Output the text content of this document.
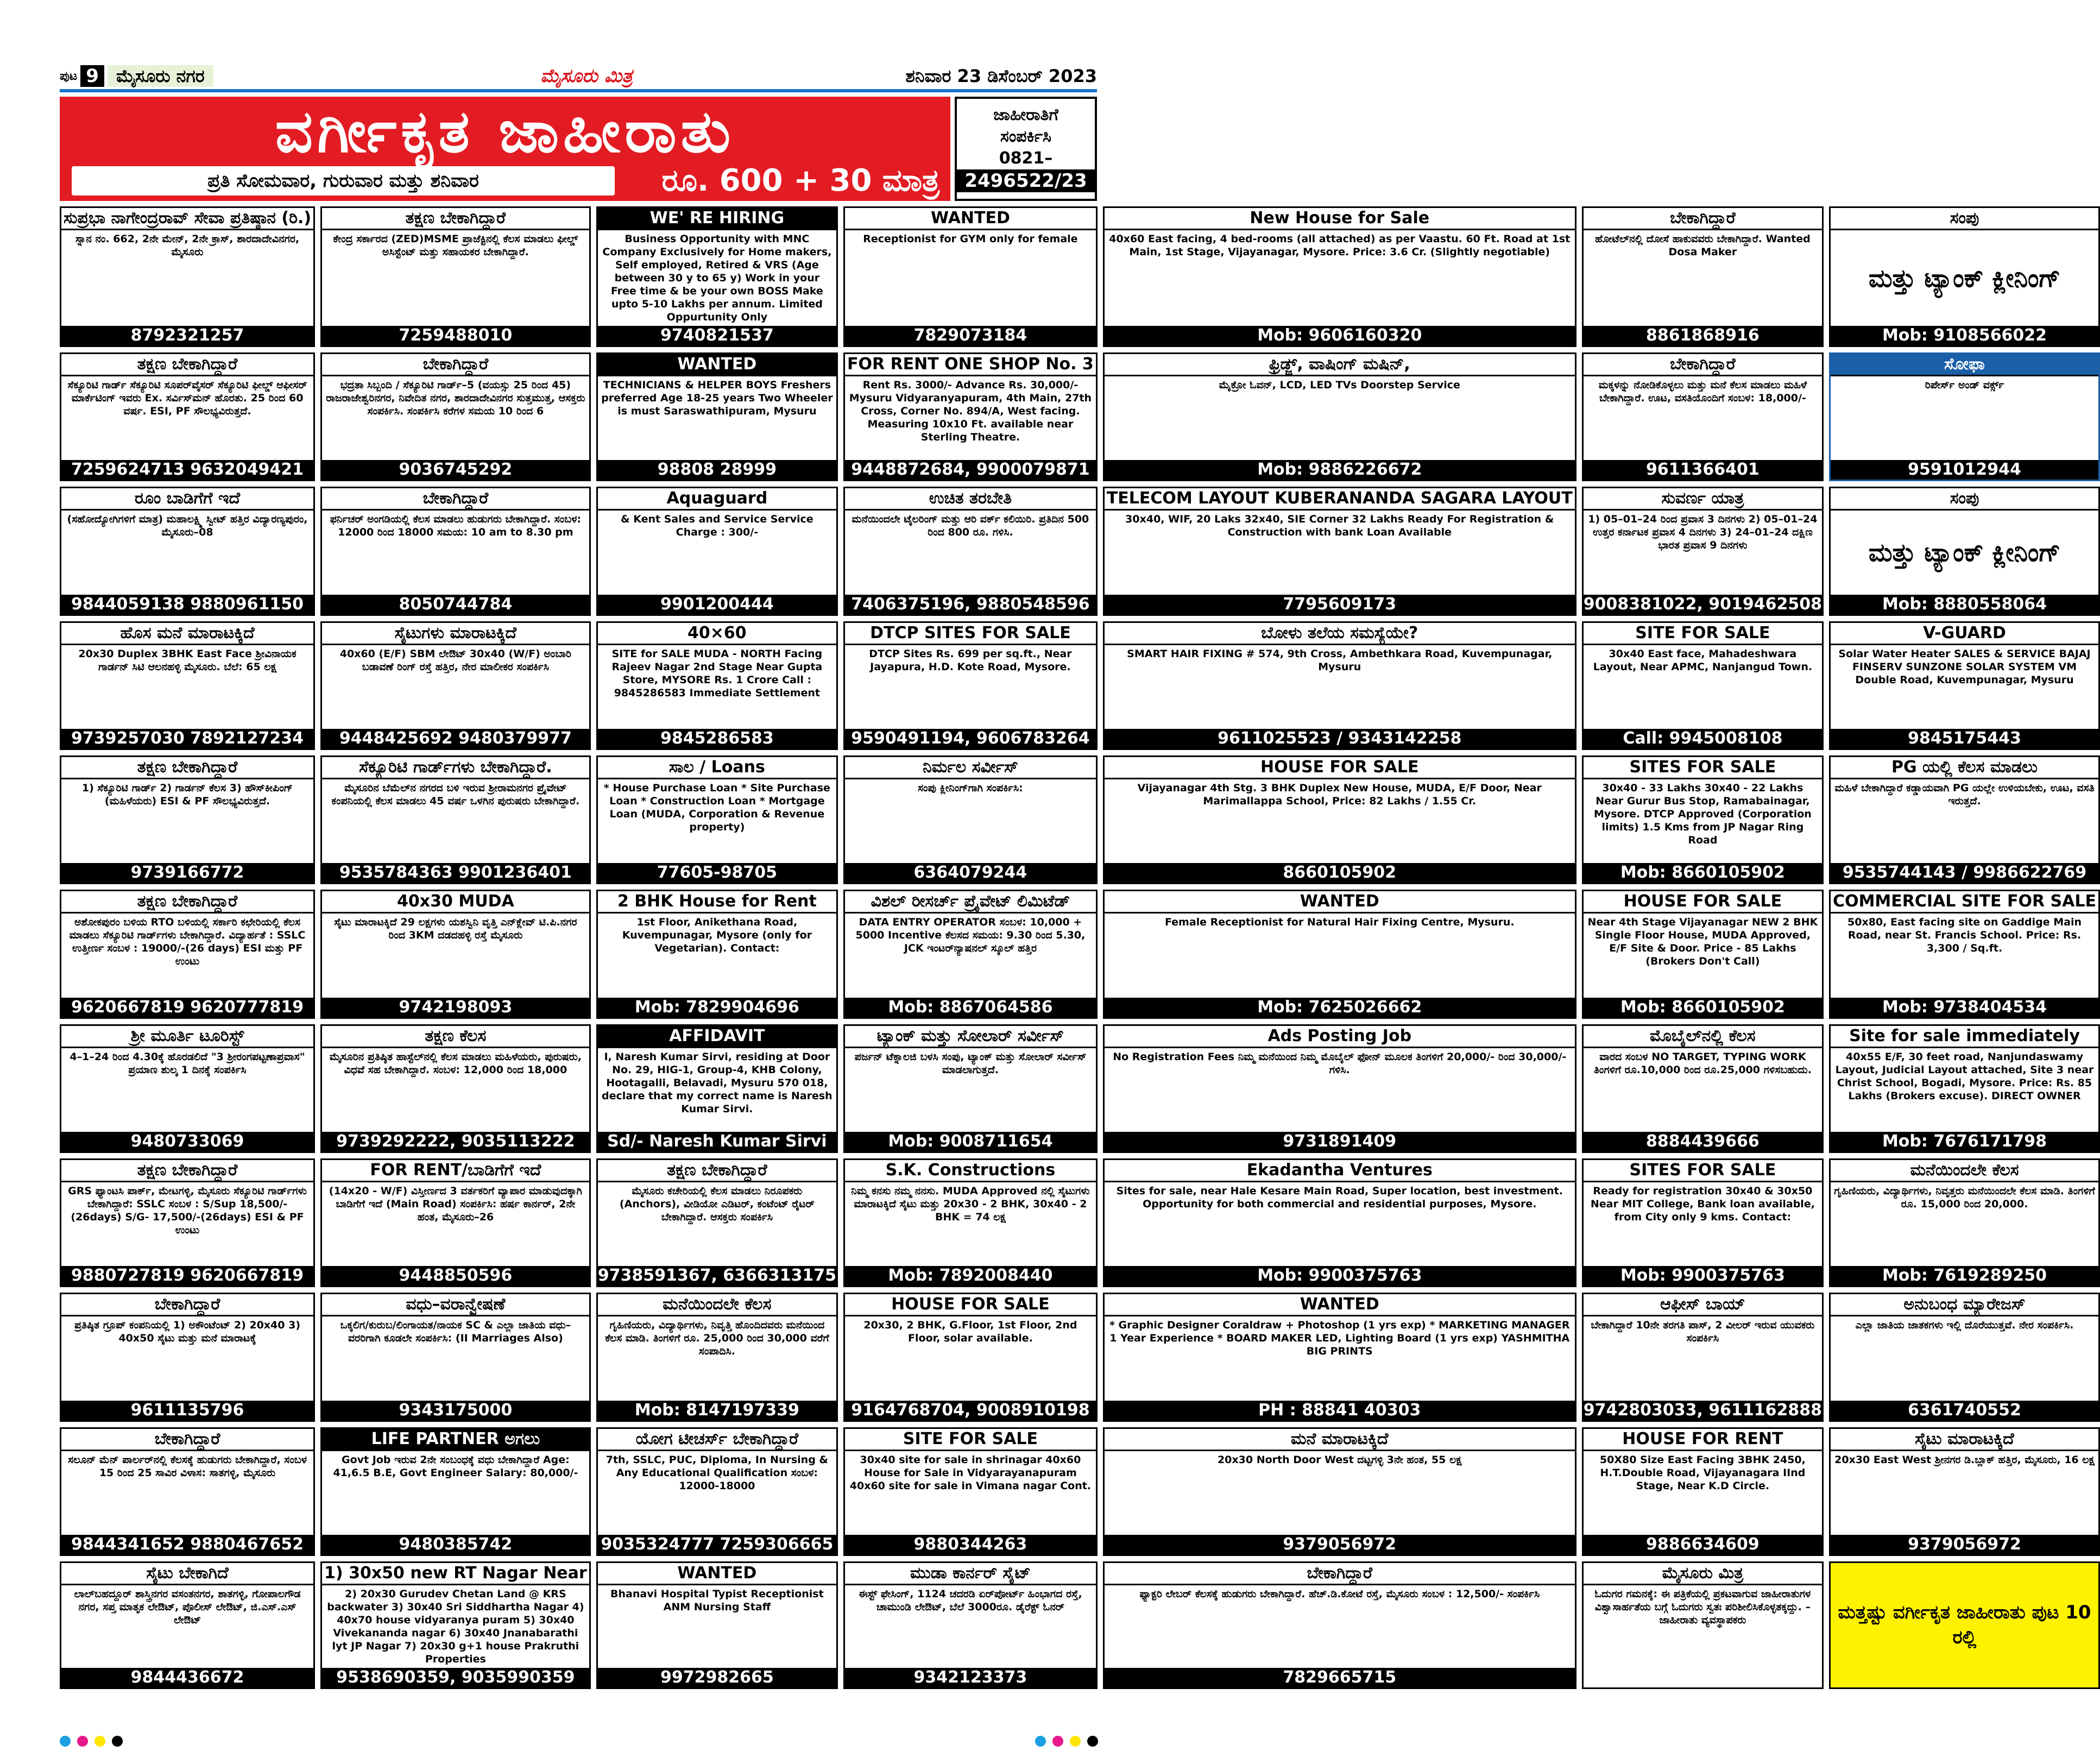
ಪುಟ 9	ಮೈಸೂರು ನಗರ	ಮೈಸೂರು ಮಿತ್ರ	ಶನಿವಾರ 23 ಡಿಸೆಂಬರ್ 2023
ವರ್ಗೀಕೃತ ಜಾಹೀರಾತು
ಪ್ರತಿ ಸೋಮವಾರ, ಗುರುವಾರ ಮತ್ತು ಶನಿವಾರ	ರೂ. 600 + 30 ಮಾತ್ರ
ಜಾಹೀರಾತಿಗೆ
ಸಂಪರ್ಕಿಸಿ
0821–
2496522/23
ಸುಪ್ರಭಾ ನಾಗೇಂದ್ರರಾವ್ ಸೇವಾ ಪ್ರತಿಷ್ಠಾನ (ರಿ.)
ಸ್ನಾನ ನಂ. 662, 2ನೇ ಮೇನ್, 2ನೇ ಕ್ರಾಸ್, ಶಾರದಾದೇವಿನಗರ, ಮೈಸೂರು
8792321257
ತಕ್ಷಣ ಬೇಕಾಗಿದ್ದಾರೆ
ಕೇಂದ್ರ ಸರ್ಕಾರದ (ZED)MSME ಪ್ರಾಜೆಕ್ಟಿನಲ್ಲಿ ಕೆಲಸ ಮಾಡಲು ಫೀಲ್ಡ್ ಅಸಿಸ್ಟೆಂಟ್ ಮತ್ತು ಸಹಾಯಕರ ಬೇಕಾಗಿದ್ದಾರೆ.
7259488010
WE' RE HIRING
Business Opportunity with MNC Company Exclusively for Home makers, Self employed, Retired & VRS (Age between 30 y to 65 y) Work in your Free time & be your own BOSS Make upto 5-10 Lakhs per annum. Limited Oppurtunity Only
9740821537
WANTED
Receptionist for GYM only for female
7829073184
New House for Sale
40x60 East facing, 4 bed-rooms (all attached) as per Vaastu. 60 Ft. Road at 1st Main, 1st Stage, Vijayanagar, Mysore. Price: 3.6 Cr. (Slightly negotiable)
Mob: 9606160320
ಬೇಕಾಗಿದ್ದಾರೆ
ಹೋಟೆಲ್‌ನಲ್ಲಿ ದೋಸೆ ಹಾಕುವವರು ಬೇಕಾಗಿದ್ದಾರೆ. Wanted Dosa Maker
8861868916
ಸಂಪು
ಮತ್ತು ಟ್ಯಾಂಕ್ ಕ್ಲೀನಿಂಗ್
Mob: 9108566022
ತಕ್ಷಣ ಬೇಕಾಗಿದ್ದಾರೆ
ಸೆಕ್ಯೂರಿಟಿ ಗಾರ್ಡ್ ಸೆಕ್ಯೂರಿಟಿ ಸೂಪರ್‌ವೈಸರ್ ಸೆಕ್ಯೂರಿಟಿ ಫೀಲ್ಡ್ ಆಫೀಸರ್ ಮಾರ್ಕೆಟಿಂಗ್ ಇವರು Ex. ಸರ್ವಿಸ್‌ಮನ್ ಹೊರತು. 25 ರಿಂದ 60 ವರ್ಷ. ESI, PF ಸೌಲಭ್ಯವಿರುತ್ತದೆ.
7259624713 9632049421
ಬೇಕಾಗಿದ್ದಾರೆ
ಭದ್ರತಾ ಸಿಬ್ಬಂದಿ / ಸೆಕ್ಯೂರಿಟಿ ಗಾರ್ಡ್–5 (ವಯಸ್ಸು 25 ರಿಂದ 45) ರಾಜರಾಜೇಶ್ವರಿನಗರ, ನಿವೇದಿತ ನಗರ, ಶಾರದಾದೇವಿನಗರ ಸುತ್ತಮುತ್ತ, ಆಸಕ್ತರು ಸಂಪರ್ಕಿಸಿ. ಸಂಪರ್ಕಿಸಿ ಕರೆಗಳ ಸಮಯ 10 ರಿಂದ 6
9036745292
WANTED
TECHNICIANS & HELPER BOYS Freshers preferred Age 18-25 years Two Wheeler is must Saraswathipuram, Mysuru
98808 28999
FOR RENT ONE SHOP No. 3
Rent Rs. 3000/- Advance Rs. 30,000/- Mysuru Vidyaranyapuram, 4th Main, 27th Cross, Corner No. 894/A, West facing. Measuring 10x10 Ft. available near Sterling Theatre.
9448872684, 9900079871
ಫ್ರಿಡ್ಜ್, ವಾಷಿಂಗ್ ಮಷಿನ್,
ಮೈಕ್ರೋ ಓವನ್, LCD, LED TVs Doorstep Service
Mob: 9886226672
ಬೇಕಾಗಿದ್ದಾರೆ
ಮಕ್ಕಳನ್ನು ನೋಡಿಕೊಳ್ಳಲು ಮತ್ತು ಮನೆ ಕೆಲಸ ಮಾಡಲು ಮಹಿಳೆ ಬೇಕಾಗಿದ್ದಾರೆ. ಊಟ, ವಸತಿಯೊಂದಿಗೆ ಸಂಬಳ: 18,000/-
9611366401
ಸೋಫಾ
ರಿಪೇರ್ಸ್ ಅಂಡ್ ವರ್ಕ್ಸ್
9591012944
ರೂಂ ಬಾಡಿಗೆಗೆ ಇದೆ
(ಸಹೋದ್ಯೋಗಿಗಳಿಗೆ ಮಾತ್ರ) ಮಹಾಲಕ್ಷ್ಮಿ ಸ್ವೀಟ್ ಹತ್ತಿರ ವಿದ್ಯಾರಣ್ಯಪುರಂ, ಮೈಸೂರು–08
9844059138 9880961150
ಬೇಕಾಗಿದ್ದಾರೆ
ಫರ್ನಿಚರ್ ಅಂಗಡಿಯಲ್ಲಿ ಕೆಲಸ ಮಾಡಲು ಹುಡುಗರು ಬೇಕಾಗಿದ್ದಾರೆ. ಸಂಬಳ: 12000 ರಿಂದ 18000 ಸಮಯ: 10 am to 8.30 pm
8050744784
Aquaguard
& Kent Sales and Service Service Charge : 300/-
9901200444
ಉಚಿತ ತರಬೇತಿ
ಮನೆಯಿಂದಲೇ ಟೈಲರಿಂಗ್ ಮತ್ತು ಆರಿ ವರ್ಕ್ ಕಲಿಯಿರಿ. ಪ್ರತಿದಿನ 500 ರಿಂದ 800 ರೂ. ಗಳಿಸಿ.
7406375196, 9880548596
TELECOM LAYOUT KUBERANANDA SAGARA LAYOUT
30x40, WIF, 20 Laks 32x40, SIE Corner 32 Lakhs Ready For Registration & Construction with bank Loan Available
7795609173
ಸುವರ್ಣ ಯಾತ್ರ
1) 05–01–24 ರಿಂದ ಪ್ರವಾಸ 3 ದಿನಗಳು 2) 05–01–24 ಉತ್ತರ ಕರ್ನಾಟಕ ಪ್ರವಾಸ 4 ದಿನಗಳು 3) 24–01–24 ದಕ್ಷಿಣ ಭಾರತ ಪ್ರವಾಸ 9 ದಿನಗಳು
9008381022, 9019462508
ಸಂಪು
ಮತ್ತು ಟ್ಯಾಂಕ್ ಕ್ಲೀನಿಂಗ್
Mob: 8880558064
ಹೊಸ ಮನೆ ಮಾರಾಟಕ್ಕಿದೆ
20x30 Duplex 3BHK East Face ಶ್ರೀವಿನಾಯಕ ಗಾರ್ಡನ್ ಸಿಟಿ ಆಲನಹಳ್ಳಿ ಮೈಸೂರು. ಬೆಲೆ: 65 ಲಕ್ಷ
9739257030 7892127234
ಸೈಟುಗಳು ಮಾರಾಟಕ್ಕಿದೆ
40x60 (E/F) SBM ಲೇಔಟ್ 30x40 (W/F) ಅಂಬಾರಿ ಬಡಾವಣೆ ರಿಂಗ್ ರಸ್ತೆ ಹತ್ತಿರ, ನೇರ ಮಾಲೀಕರ ಸಂಪರ್ಕಿಸಿ
9448425692 9480379977
40×60
SITE for SALE MUDA - NORTH Facing Rajeev Nagar 2nd Stage Near Gupta Store, MYSORE Rs. 1 Crore Call : 9845286583 Immediate Settlement
9845286583
DTCP SITES FOR SALE
DTCP Sites Rs. 699 per sq.ft., Near Jayapura, H.D. Kote Road, Mysore.
9590491194, 9606783264
ಬೋಳು ತಲೆಯ ಸಮಸ್ಯೆಯೇ?
SMART HAIR FIXING # 574, 9th Cross, Ambethkara Road, Kuvempunagar, Mysuru
9611025523 / 9343142258
SITE FOR SALE
30x40 East face, Mahadeshwara Layout, Near APMC, Nanjangud Town.
Call: 9945008108
V-GUARD
Solar Water Heater SALES & SERVICE BAJAJ FINSERV SUNZONE SOLAR SYSTEM VM Double Road, Kuvempunagar, Mysuru
9845175443
ತಕ್ಷಣ ಬೇಕಾಗಿದ್ದಾರೆ
1) ಸೆಕ್ಯೂರಿಟಿ ಗಾರ್ಡ್ 2) ಗಾರ್ಡನ್ ಕೆಲಸ 3) ಹೌಸ್‌ಕೀಪಿಂಗ್ (ಮಹಿಳೆಯರು) ESI & PF ಸೌಲಭ್ಯವಿರುತ್ತದೆ.
9739166772
ಸೆಕ್ಯೂರಿಟಿ ಗಾರ್ಡ್‌ಗಳು ಬೇಕಾಗಿದ್ದಾರೆ.
ಮೈಸೂರಿನ ಬೆಮೆಲ್‌ನ ನಗರದ ಬಳಿ ಇರುವ ಶ್ರೀರಾಮನಗರ ಪ್ರೈವೇಟ್ ಕಂಪನಿಯಲ್ಲಿ ಕೆಲಸ ಮಾಡಲು 45 ವರ್ಷ ಒಳಗಿನ ಪುರುಷರು ಬೇಕಾಗಿದ್ದಾರೆ.
9535784363 9901236401
ಸಾಲ / Loans
* House Purchase Loan * Site Purchase Loan * Construction Loan * Mortgage Loan (MUDA, Corporation & Revenue property)
77605-98705
ನಿರ್ಮಲ ಸರ್ವೀಸ್
ಸಂಪು ಕ್ಲೀನಿಂಗ್‌ಗಾಗಿ ಸಂಪರ್ಕಿಸಿ:
6364079244
HOUSE FOR SALE
Vijayanagar 4th Stg. 3 BHK Duplex New House, MUDA, E/F Door, Near Marimallappa School, Price: 82 Lakhs / 1.55 Cr.
8660105902
SITES FOR SALE
30x40 - 33 Lakhs 30x40 - 22 Lakhs Near Gurur Bus Stop, Ramabainagar, Mysore. DTCP Approved (Corporation limits) 1.5 Kms from JP Nagar Ring Road
Mob: 8660105902
PG ಯಲ್ಲಿ ಕೆಲಸ ಮಾಡಲು
ಮಹಿಳೆ ಬೇಕಾಗಿದ್ದಾರೆ ಕಡ್ಡಾಯವಾಗಿ PG ಯಲ್ಲೇ ಉಳಿಯಬೇಕು, ಊಟ, ವಸತಿ ಇರುತ್ತದೆ.
9535744143 / 9986622769
ತಕ್ಷಣ ಬೇಕಾಗಿದ್ದಾರೆ
ಅಶೋಕಪುರಂ ಬಳಿಯ RTO ಬಳಿಯಲ್ಲಿ ಸರ್ಕಾರಿ ಕಛೇರಿಯಲ್ಲಿ ಕೆಲಸ ಮಾಡಲು ಸೆಕ್ಯೂರಿಟಿ ಗಾರ್ಡ್‌ಗಳು ಬೇಕಾಗಿದ್ದಾರೆ. ವಿದ್ಯಾರ್ಹತೆ : SSLC ಉತ್ತೀರ್ಣ ಸಂಬಳ : 19000/-(26 days) ESI ಮತ್ತು PF ಉಂಟು
9620667819 9620777819
40x30 MUDA
ಸೈಟು ಮಾರಾಟಕ್ಕಿದೆ 29 ಲಕ್ಷಗಳು ಯಶಸ್ವಿನಿ ವೃತ್ತಿ ಎನ್‌ಕ್ಲೇವ್ ಟಿ.ಪಿ.ನಗರ ರಿಂದ 3KM ದಡದಹಳ್ಳಿ ರಸ್ತೆ ಮೈಸೂರು
9742198093
2 BHK House for Rent
1st Floor, Anikethana Road, Kuvempunagar, Mysore (only for Vegetarian). Contact:
Mob: 7829904696
ವಿಶಲ್ ರೀಸರ್ಚ್ ಪ್ರೈವೇಟ್ ಲಿಮಿಟೆಡ್
DATA ENTRY OPERATOR ಸಂಬಳ: 10,000 + 5000 Incentive ಕೆಲಸದ ಸಮಯ: 9.30 ರಿಂದ 5.30, JCK ಇಂಟರ್‌ನ್ಯಾಷನಲ್ ಸ್ಕೂಲ್ ಹತ್ತಿರ
Mob: 8867064586
WANTED
Female Receptionist for Natural Hair Fixing Centre, Mysuru.
Mob: 7625026662
HOUSE FOR SALE
Near 4th Stage Vijayanagar NEW 2 BHK Single Floor House, MUDA Approved, E/F Site & Door. Price - 85 Lakhs (Brokers Don't Call)
Mob: 8660105902
COMMERCIAL SITE FOR SALE
50x80, East facing site on Gaddige Main Road, near St. Francis School. Price: Rs. 3,300 / Sq.ft.
Mob: 9738404534
ಶ್ರೀ ಮೂರ್ತಿ ಟೂರಿಸ್ಟ್
4–1–24 ರಿಂದ 4.30ಕ್ಕೆ ಹೊರಡಲಿದೆ "3 ಶ್ರೀರಂಗಪಟ್ಟಣಾಪ್ರವಾಸ" ಪ್ರಯಾಣ ಶುಲ್ಕ 1 ದಿನಕ್ಕೆ ಸಂಪರ್ಕಿಸಿ
9480733069
ತಕ್ಷಣ ಕೆಲಸ
ಮೈಸೂರಿನ ಪ್ರತಿಷ್ಠಿತ ಹಾಸ್ಟೆಲ್‌ನಲ್ಲಿ ಕೆಲಸ ಮಾಡಲು ಮಹಿಳೆಯರು, ಪುರುಷರು, ವಿಧವೆ ಸಹ ಬೇಕಾಗಿದ್ದಾರೆ. ಸಂಬಳ: 12,000 ರಿಂದ 18,000
9739292222, 9035113222
AFFIDAVIT
I, Naresh Kumar Sirvi, residing at Door No. 29, HIG-1, Group-4, KHB Colony, Hootagalli, Belavadi, Mysuru 570 018, declare that my correct name is Naresh Kumar Sirvi.
Sd/- Naresh Kumar Sirvi
ಟ್ಯಾಂಕ್ ಮತ್ತು ಸೋಲಾರ್ ಸರ್ವೀಸ್
ಪರ್ಜನ್ ಟೆಕ್ನಾಲಜಿ ಬಳಸಿ ಸಂಪು, ಟ್ಯಾಂಕ್ ಮತ್ತು ಸೋಲಾರ್ ಸರ್ವೀಸ್ ಮಾಡಲಾಗುತ್ತದೆ.
Mob: 9008711654
Ads Posting Job
No Registration Fees ನಿಮ್ಮ ಮನೆಯಿಂದ ನಿಮ್ಮ ಮೊಬೈಲ್ ಫೋನ್ ಮೂಲಕ ತಿಂಗಳಿಗೆ 20,000/- ರಿಂದ 30,000/- ಗಳಿಸಿ.
9731891409
ಮೊಬೈಲ್‌ನಲ್ಲಿ ಕೆಲಸ
ವಾರದ ಸಂಬಳ NO TARGET, TYPING WORK ತಿಂಗಳಿಗೆ ರೂ.10,000 ರಿಂದ ರೂ.25,000 ಗಳಿಸಬಹುದು.
8884439666
Site for sale immediately
40x55 E/F, 30 feet road, Nanjundaswamy Layout, Judicial Layout attached, Site 3 near Christ School, Bogadi, Mysore. Price: Rs. 85 Lakhs (Brokers excuse). DIRECT OWNER
Mob: 7676171798
ತಕ್ಷಣ ಬೇಕಾಗಿದ್ದಾರೆ
GRS ಫ್ಯಾಂಟಸಿ ಪಾರ್ಕ್, ಮೇಟಗಳ್ಳಿ, ಮೈಸೂರು ಸೆಕ್ಯೂರಿಟಿ ಗಾರ್ಡ್‌ಗಳು ಬೇಕಾಗಿದ್ದಾರೆ: SSLC ಸಂಬಳ : S/Sup 18,500/- (26days) S/G- 17,500/-(26days) ESI & PF ಉಂಟು
9880727819 9620667819
FOR RENT/ಬಾಡಿಗೆಗೆ ಇದೆ
(14x20 - W/F) ವಿಸ್ತೀರ್ಣದ 3 ವರ್ತಕರಿಗೆ ವ್ಯಾಪಾರ ಮಾಡುವುದಕ್ಕಾಗಿ ಬಾಡಿಗೆಗೆ ಇದೆ (Main Road) ಸಂಪರ್ಕಿಸಿ: ಹರ್ಷ ಕಾರ್ನರ್, 2ನೇ ಹಂತ, ಮೈಸೂರು–26
9448850596
ತಕ್ಷಣ ಬೇಕಾಗಿದ್ದಾರೆ
ಮೈಸೂರು ಕಚೇರಿಯಲ್ಲಿ ಕೆಲಸ ಮಾಡಲು ನಿರೂಪಕರು (Anchors), ವೀಡಿಯೋ ಎಡಿಟರ್, ಕಂಟೆಂಟ್ ರೈಟರ್ ಬೇಕಾಗಿದ್ದಾರೆ. ಆಸಕ್ತರು ಸಂಪರ್ಕಿಸಿ
9738591367, 6366313175
S.K. Constructions
ನಿಮ್ಮ ಕನಸು ನಮ್ಮ ನನಸು. MUDA Approved ನಲ್ಲಿ ಸೈಟುಗಳು ಮಾರಾಟಕ್ಕಿದೆ ಸೈಟು ಮತ್ತು 20x30 - 2 BHK, 30x40 - 2 BHK = 74 ಲಕ್ಷ
Mob: 7892008440
Ekadantha Ventures
Sites for sale, near Hale Kesare Main Road, Super location, best investment. Opportunity for both commercial and residential purposes, Mysore.
Mob: 9900375763
SITES FOR SALE
Ready for registration 30x40 & 30x50 Near MIT College, Bank loan available, from City only 9 kms. Contact:
Mob: 9900375763
ಮನೆಯಿಂದಲೇ ಕೆಲಸ
ಗೃಹಿಣಿಯರು, ವಿದ್ಯಾರ್ಥಿಗಳು, ನಿವೃತ್ತರು ಮನೆಯಿಂದಲೇ ಕೆಲಸ ಮಾಡಿ. ತಿಂಗಳಿಗೆ ರೂ. 15,000 ರಿಂದ 20,000.
Mob: 7619289250
ಬೇಕಾಗಿದ್ದಾರೆ
ಪ್ರತಿಷ್ಠಿತ ಗ್ರೂಪ್ ಕಂಪನಿಯಲ್ಲಿ 1) ಅಕೌಂಟೆಂಟ್ 2) 20x40 3) 40x50 ಸೈಟು ಮತ್ತು ಮನೆ ಮಾರಾಟಕ್ಕೆ
9611135796
ವಧು–ವರಾನ್ವೇಷಣೆ
ಒಕ್ಕಲಿಗ/ಕುರುಬ/ಲಿಂಗಾಯತ/ನಾಯಕ SC & ಎಲ್ಲಾ ಜಾತಿಯ ವಧು–ವರರಿಗಾಗಿ ಕೂಡಲೇ ಸಂಪರ್ಕಿಸಿ: (II Marriages Also)
9343175000
ಮನೆಯಿಂದಲೇ ಕೆಲಸ
ಗೃಹಿಣಿಯರು, ವಿದ್ಯಾರ್ಥಿಗಳು, ನಿವೃತ್ತಿ ಹೊಂದಿದವರು ಮನೆಯಿಂದ ಕೆಲಸ ಮಾಡಿ. ತಿಂಗಳಿಗೆ ರೂ. 25,000 ರಿಂದ 30,000 ವರೆಗೆ ಸಂಪಾದಿಸಿ.
Mob: 8147197339
HOUSE FOR SALE
20x30, 2 BHK, G.Floor, 1st Floor, 2nd Floor, solar available.
9164768704, 9008910198
WANTED
* Graphic Designer Coraldraw + Photoshop (1 yrs exp) * MARKETING MANAGER 1 Year Experience * BOARD MAKER LED, Lighting Board (1 yrs exp) YASHMITHA BIG PRINTS
PH : 88841 40303
ಆಫೀಸ್ ಬಾಯ್
ಬೇಕಾಗಿದ್ದಾರೆ 10ನೇ ತರಗತಿ ಪಾಸ್, 2 ವೀಲರ್ ಇರುವ ಯುವಕರು ಸಂಪರ್ಕಿಸಿ
9742803033, 9611162888
ಅನುಬಂಧ ಮ್ಯಾರೇಜಸ್
ಎಲ್ಲಾ ಜಾತಿಯ ಜಾತಕಗಳು ಇಲ್ಲಿ ದೊರೆಯುತ್ತವೆ. ನೇರ ಸಂಪರ್ಕಿಸಿ.
6361740552
ಬೇಕಾಗಿದ್ದಾರೆ
ಸಲೂನ್ ಮೆನ್ ಪಾರ್ಲರ್‌ನಲ್ಲಿ ಕೆಲಸಕ್ಕೆ ಹುಡುಗರು ಬೇಕಾಗಿದ್ದಾರೆ, ಸಂಬಳ 15 ರಿಂದ 25 ಸಾವಿರ ವಿಳಾಸ: ಸಾತಗಳ್ಳಿ, ಮೈಸೂರು
9844341652 9880467652
LIFE PARTNER ಅಗಲು
Govt Job ಇರುವ 2ನೇ ಸಂಬಂಧಕ್ಕೆ ವಧು ಬೇಕಾಗಿದ್ದಾರೆ Age: 41,6.5 B.E, Govt Engineer Salary: 80,000/-
9480385742
ಯೋಗ ಟೀಚರ್ಸ್ ಬೇಕಾಗಿದ್ದಾರೆ
7th, SSLC, PUC, Diploma, In Nursing & Any Educational Qualification ಸಂಬಳ: 12000-18000
9035324777 7259306665
SITE FOR SALE
30x40 site for sale in shrinagar 40x60 House for Sale in Vidyarayanapuram 40x60 site for sale in Vimana nagar Cont.
9880344263
ಮನೆ ಮಾರಾಟಕ್ಕಿದೆ
20x30 North Door West ದಟ್ಟಗಳ್ಳಿ 3ನೇ ಹಂತ, 55 ಲಕ್ಷ
9379056972
HOUSE FOR RENT
50X80 Size East Facing 3BHK 2450, H.T.Double Road, Vijayanagara IInd Stage, Near K.D Circle.
9886634609
ಸೈಟು ಮಾರಾಟಕ್ಕಿದೆ
20x30 East West ಶ್ರೀನಗರ ಡಿ.ಬ್ಲಾಕ್ ಹತ್ತಿರ, ಮೈಸೂರು, 16 ಲಕ್ಷ
9379056972
ಸೈಟು ಬೇಕಾಗಿದೆ
ಲಾಲ್‌ಬಹದ್ದೂರ್ ಶಾಸ್ತ್ರಿನಗರ ವಸಂತನಗರ, ಶಾತಗಳ್ಳಿ, ಗೋಪಾಲಗೌಡ ನಗರ, ಸಪ್ತ ಮಾತೃಕ ಲೇಔಟ್, ಪೊಲೀಸ್ ಲೇಔಟ್, ಜಿ.ಎಸ್.ಎಸ್ ಲೇಔಟ್
9844436672
1) 30x50 new RT Nagar Near
2) 20x30 Gurudev Chetan Land @ KRS backwater 3) 30x40 Sri Siddhartha Nagar 4) 40x70 house vidyaranya puram 5) 30x40 Vivekananda nagar 6) 30x40 Jnanabarathi lyt JP Nagar 7) 20x30 g+1 house Prakruthi Properties
9538690359, 9035990359
WANTED
Bhanavi Hospital Typist Receptionist ANM Nursing Staff
9972982665
ಮುಡಾ ಕಾರ್ನರ್ ಸೈಟ್
ಈಸ್ಟ್ ಫೇಸಿಂಗ್, 1124 ಚದರಡಿ ಏರ್‌ಪೋರ್ಟ್ ಹಿಂಭಾಗದ ರಸ್ತೆ, ಚಾಮುಂಡಿ ಲೇಔಟ್, ಬೆಲೆ 3000ರೂ. ಡೈರೆಕ್ಟ್ ಓನರ್
9342123373
ಬೇಕಾಗಿದ್ದಾರೆ
ಫ್ಯಾಕ್ಟರಿ ಲೇಬರ್ ಕೆಲಸಕ್ಕೆ ಹುಡುಗರು ಬೇಕಾಗಿದ್ದಾರೆ. ಹೆಚ್.ಡಿ.ಕೋಟೆ ರಸ್ತೆ, ಮೈಸೂರು ಸಂಬಳ : 12,500/- ಸಂಪರ್ಕಿಸಿ
7829665715
ಮೈಸೂರು ಮಿತ್ರ
ಓದುಗರ ಗಮನಕ್ಕೆ: ಈ ಪತ್ರಿಕೆಯಲ್ಲಿ ಪ್ರಕಟವಾಗುವ ಜಾಹೀರಾತುಗಳ ವಿಶ್ವಾಸಾರ್ಹತೆಯ ಬಗ್ಗೆ ಓದುಗರು ಸ್ವತಃ ಪರಿಶೀಲಿಸಿಕೊಳ್ಳತಕ್ಕದ್ದು. –ಜಾಹೀರಾತು ವ್ಯವಸ್ಥಾಪಕರು	ಮತ್ತಷ್ಟು ವರ್ಗೀಕೃತ ಜಾಹೀರಾತು ಪುಟ 10 ರಲ್ಲಿ
